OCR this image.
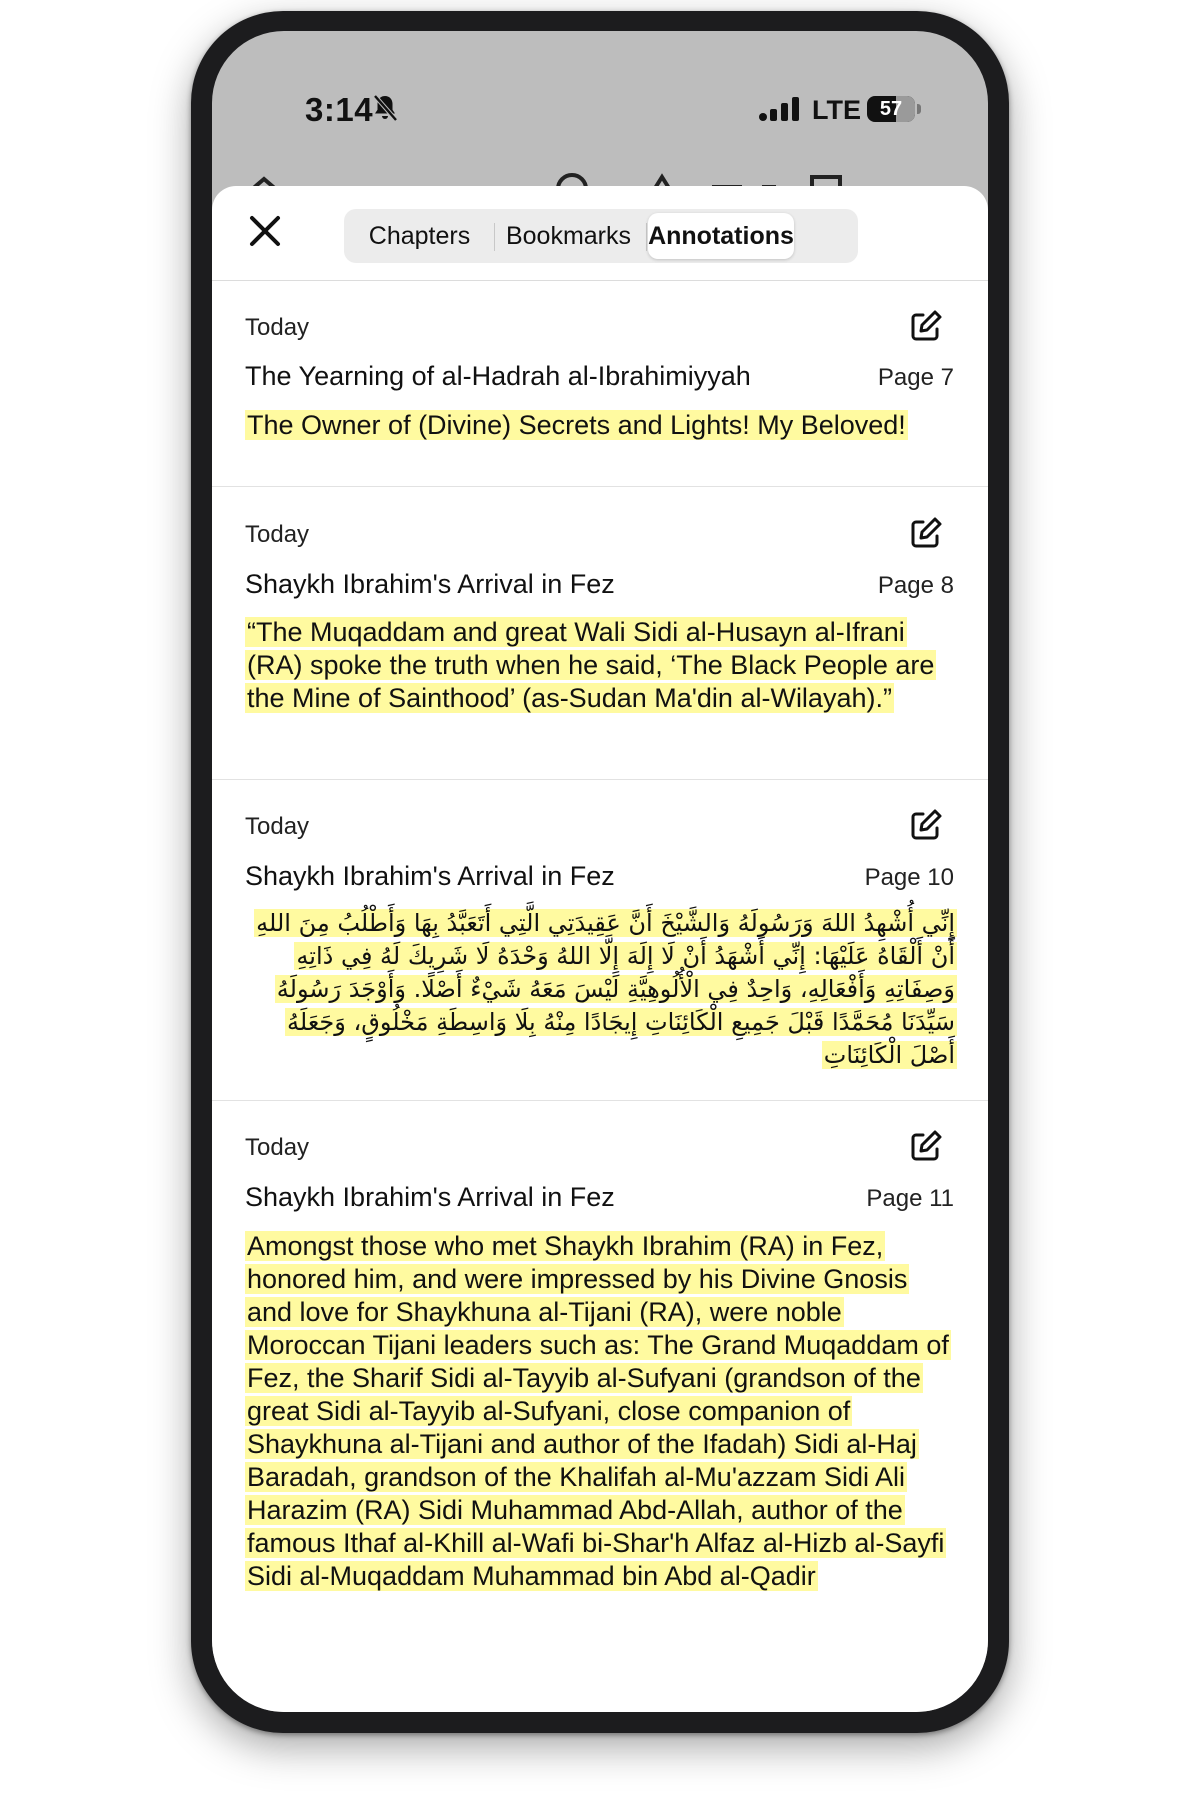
3:14	LTE 57
Chapters	Bookmarks Annotations
Today
The Yearning of al-Hadrah al-Ibrahimiyyah	Page 7
The Owner of (Divine) Secrets and Lights! My Beloved!
Today
Shaykh Ibrahim's Arrival in Fez	Page 8
“The Muqaddam and great Wali Sidi al-Husayn al-Ifrani (RA) spoke the truth when he said, ‘The Black People are the Mine of Sainthood’ (as-Sudan Ma'din al-Wilayah).”
Today
Shaykh Ibrahim's Arrival in Fez	Page 10
إِنِّي أُشْهِدُ اللهَ وَرَسُولَهُ وَالشَّيْخَ أَنَّ عَقِيدَتِي الَّتِي أَتَعَبَّدُ بِهَا وَأَطْلُبُ مِنَ اللهِ أَنْ أَلْقَاهُ عَلَيْهَا: إِنِّي أَشْهَدُ أَنْ لَا إِلَهَ إِلَّا اللهُ وَحْدَهُ لَا شَرِيكَ لَهُ فِي ذَاتِهِ وَصِفَاتِهِ وَأَفْعَالِهِ، وَاحِدٌ فِي الْأُلُوهِيَّةِ لَيْسَ مَعَهُ شَيْءٌ أَصْلًا. وَأَوْجَدَ رَسُولَهُ سَيِّدَنَا مُحَمَّدًا قَبْلَ جَمِيعِ الْكَائِنَاتِ إِيجَادًا مِنْهُ بِلَا وَاسِطَةِ مَخْلُوقٍ، وَجَعَلَهُ أَصْلَ الْكَائِنَاتِ
Today
Shaykh Ibrahim's Arrival in Fez	Page 11
Amongst those who met Shaykh Ibrahim (RA) in Fez, honored him, and were impressed by his Divine Gnosis and love for Shaykhuna al-Tijani (RA), were noble Moroccan Tijani leaders such as: The Grand Muqaddam of Fez, the Sharif Sidi al-Tayyib al-Sufyani (grandson of the great Sidi al-Tayyib al-Sufyani, close companion of Shaykhuna al-Tijani and author of the Ifadah) Sidi al-Haj Baradah, grandson of the Khalifah al-Mu'azzam Sidi Ali Harazim (RA) Sidi Muhammad Abd-Allah, author of the famous Ithaf al-Khill al-Wafi bi-Shar'h Alfaz al-Hizb al-Sayfi Sidi al-Muqaddam Muhammad bin Abd al-Qadir
